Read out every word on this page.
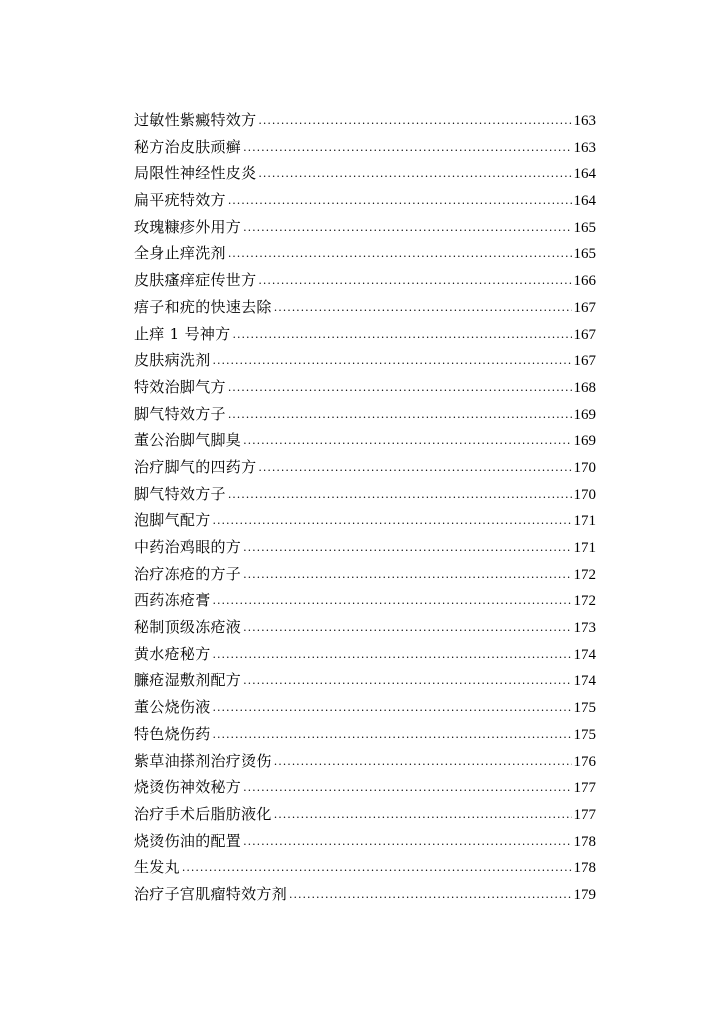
过敏性紫癜特效方 .....	163
秘方治皮肤顽癣 .....	163
局限性神经性皮炎 .....	164
扁平疣特效方 .....	164
玫瑰糠疹外用方 .....	165
全身止痒洗剂 .....	165
皮肤瘙痒症传世方 .....	166
痦子和疣的快速去除 .....	167
止痒 1 号神方 .....	167
皮肤病洗剂 .....	167
特效治脚气方 .....	168
脚气特效方子 .....	169
董公治脚气脚臭 .....	169
治疗脚气的四药方 .....	170
脚气特效方子 .....	170
泡脚气配方 .....	171
中药治鸡眼的方 .....	171
治疗冻疮的方子 .....	172
西药冻疮膏 .....	172
秘制顶级冻疮液 .....	173
黄水疮秘方 .....	174
臁疮湿敷剂配方 .....	174
董公烧伤液 .....	175
特色烧伤药 .....	175
紫草油搽剂治疗烫伤 .....	176
烧烫伤神效秘方 .....	177
治疗手术后脂肪液化 .....	177
烧烫伤油的配置 .....	178
生发丸 .....	178
治疗子宫肌瘤特效方剂 .....	179
